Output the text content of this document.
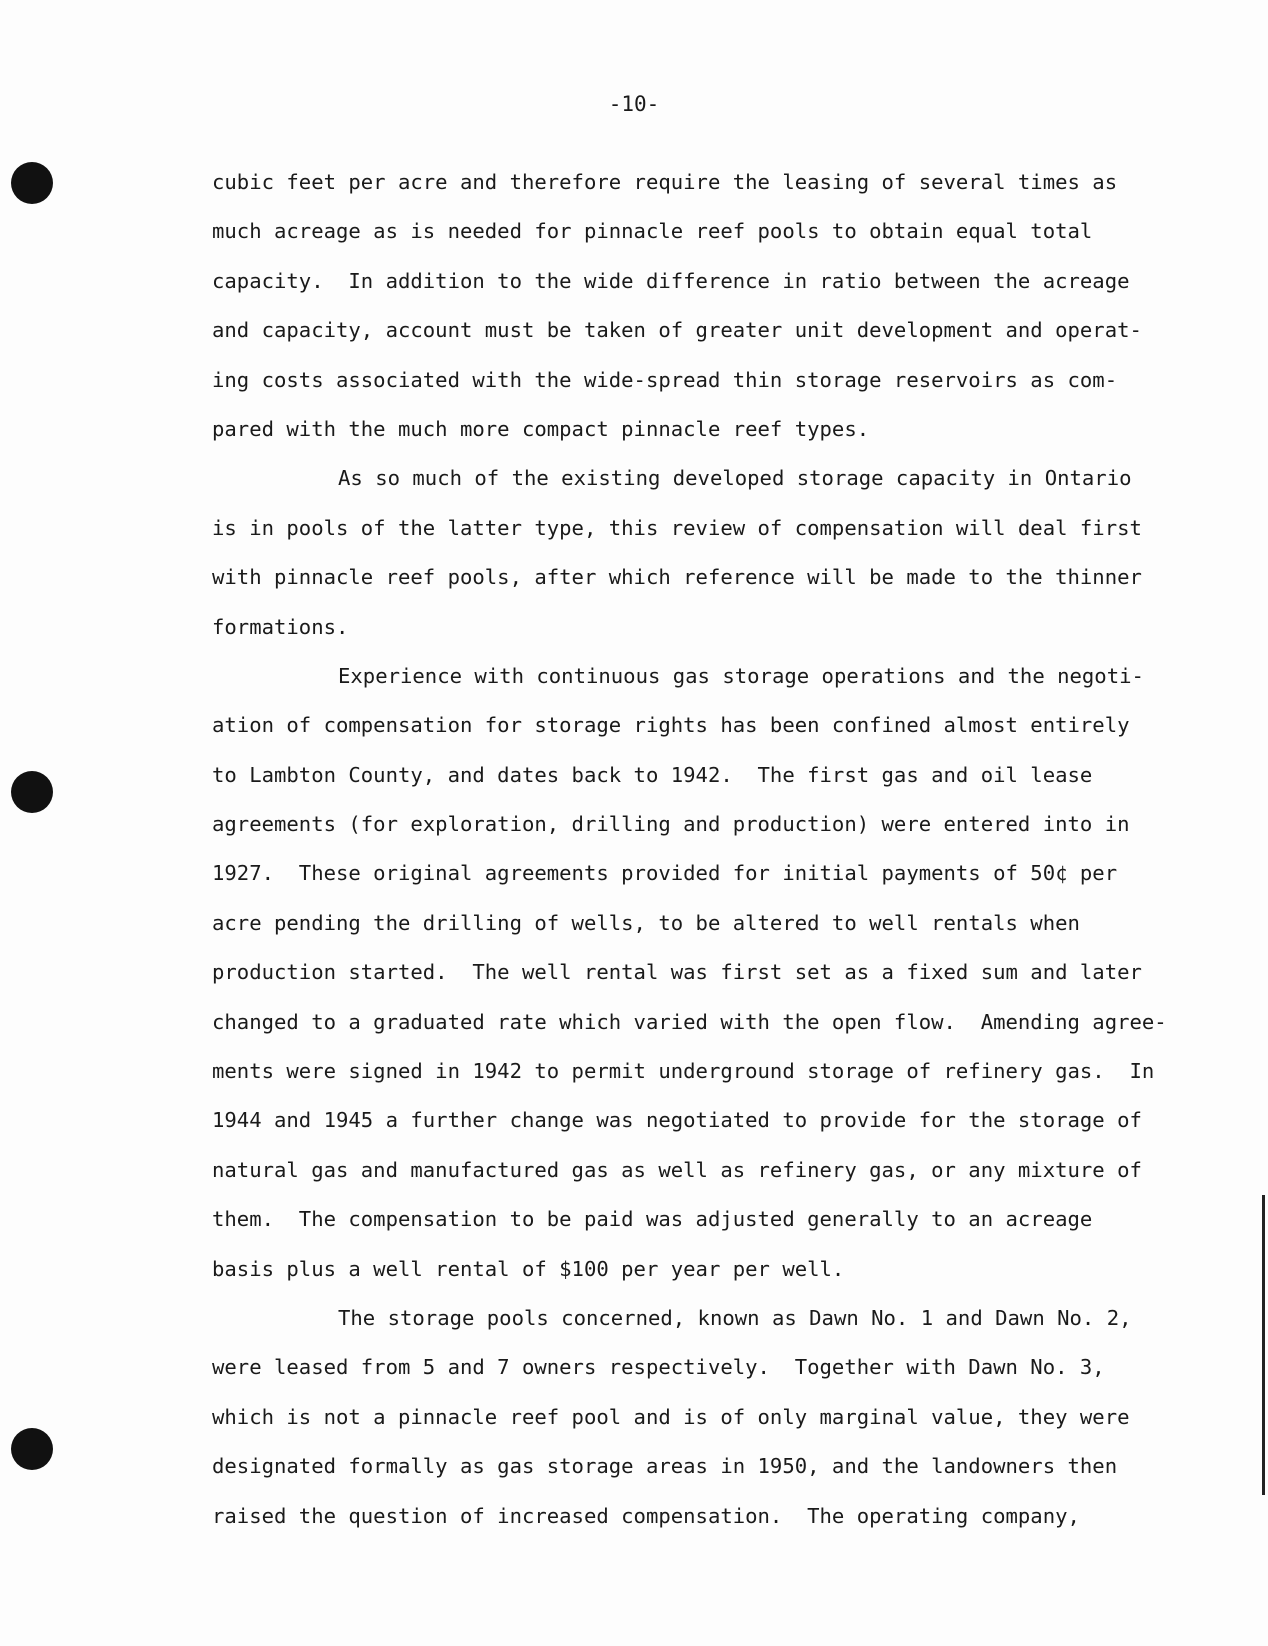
-10-
cubic feet per acre and therefore require the leasing of several times as
much acreage as is needed for pinnacle reef pools to obtain equal total
capacity.  In addition to the wide difference in ratio between the acreage
and capacity, account must be taken of greater unit development and operat-
ing costs associated with the wide-spread thin storage reservoirs as com-
pared with the much more compact pinnacle reef types.
As so much of the existing developed storage capacity in Ontario
is in pools of the latter type, this review of compensation will deal first
with pinnacle reef pools, after which reference will be made to the thinner
formations.
Experience with continuous gas storage operations and the negoti-
ation of compensation for storage rights has been confined almost entirely
to Lambton County, and dates back to 1942.  The first gas and oil lease
agreements (for exploration, drilling and production) were entered into in
1927.  These original agreements provided for initial payments of 50¢ per
acre pending the drilling of wells, to be altered to well rentals when
production started.  The well rental was first set as a fixed sum and later
changed to a graduated rate which varied with the open flow.  Amending agree-
ments were signed in 1942 to permit underground storage of refinery gas.  In
1944 and 1945 a further change was negotiated to provide for the storage of
natural gas and manufactured gas as well as refinery gas, or any mixture of
them.  The compensation to be paid was adjusted generally to an acreage
basis plus a well rental of $100 per year per well.
The storage pools concerned, known as Dawn No. 1 and Dawn No. 2,
were leased from 5 and 7 owners respectively.  Together with Dawn No. 3,
which is not a pinnacle reef pool and is of only marginal value, they were
designated formally as gas storage areas in 1950, and the landowners then
raised the question of increased compensation.  The operating company,
